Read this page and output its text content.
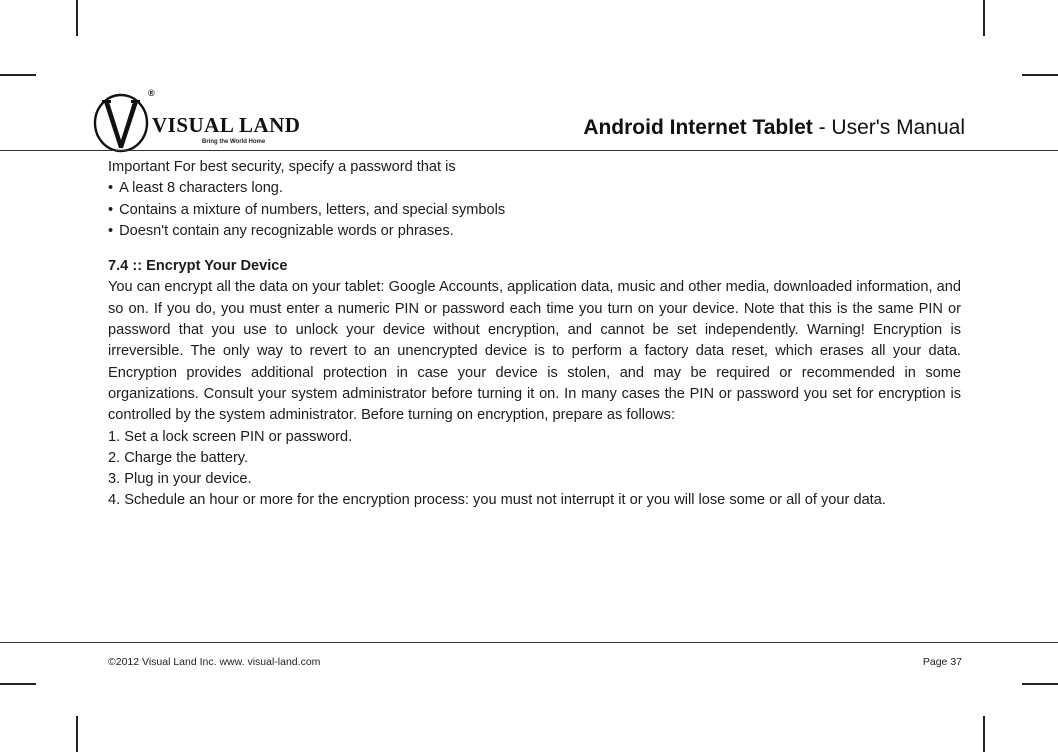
®
VISUAL LAND
Bring the World Home
Android Internet Tablet - User's Manual

Important For best security, specify a password that is

• A least 8 characters long.

• Contains a mixture of numbers, letters, and special symbols

• Doesn't contain any recognizable words or phrases.

7.4 :: Encrypt Your Device

You can encrypt all the data on your tablet: Google Accounts, application data, music and other media, downloaded information, and so on. If you do, you must enter a numeric PIN or password each time you turn on your device. Note that this is the same PIN or password that you use to unlock your device without encryption, and cannot be set independently. Warning! Encryption is irreversible. The only way to revert to an unencrypted device is to perform a factory data reset, which erases all your data. Encryption provides additional protection in case your device is stolen, and may be required or recommended in some organizations. Consult your system administrator before turning it on. In many cases the PIN or password you set for encryption is controlled by the system administrator. Before turning on encryption, prepare as follows:

1. Set a lock screen PIN or password.

2. Charge the battery.

3. Plug in your device.

4. Schedule an hour or more for the encryption process: you must not interrupt it or you will lose some or all of your data.

©2012 Visual Land Inc. www. visual-land.com	Page 37
